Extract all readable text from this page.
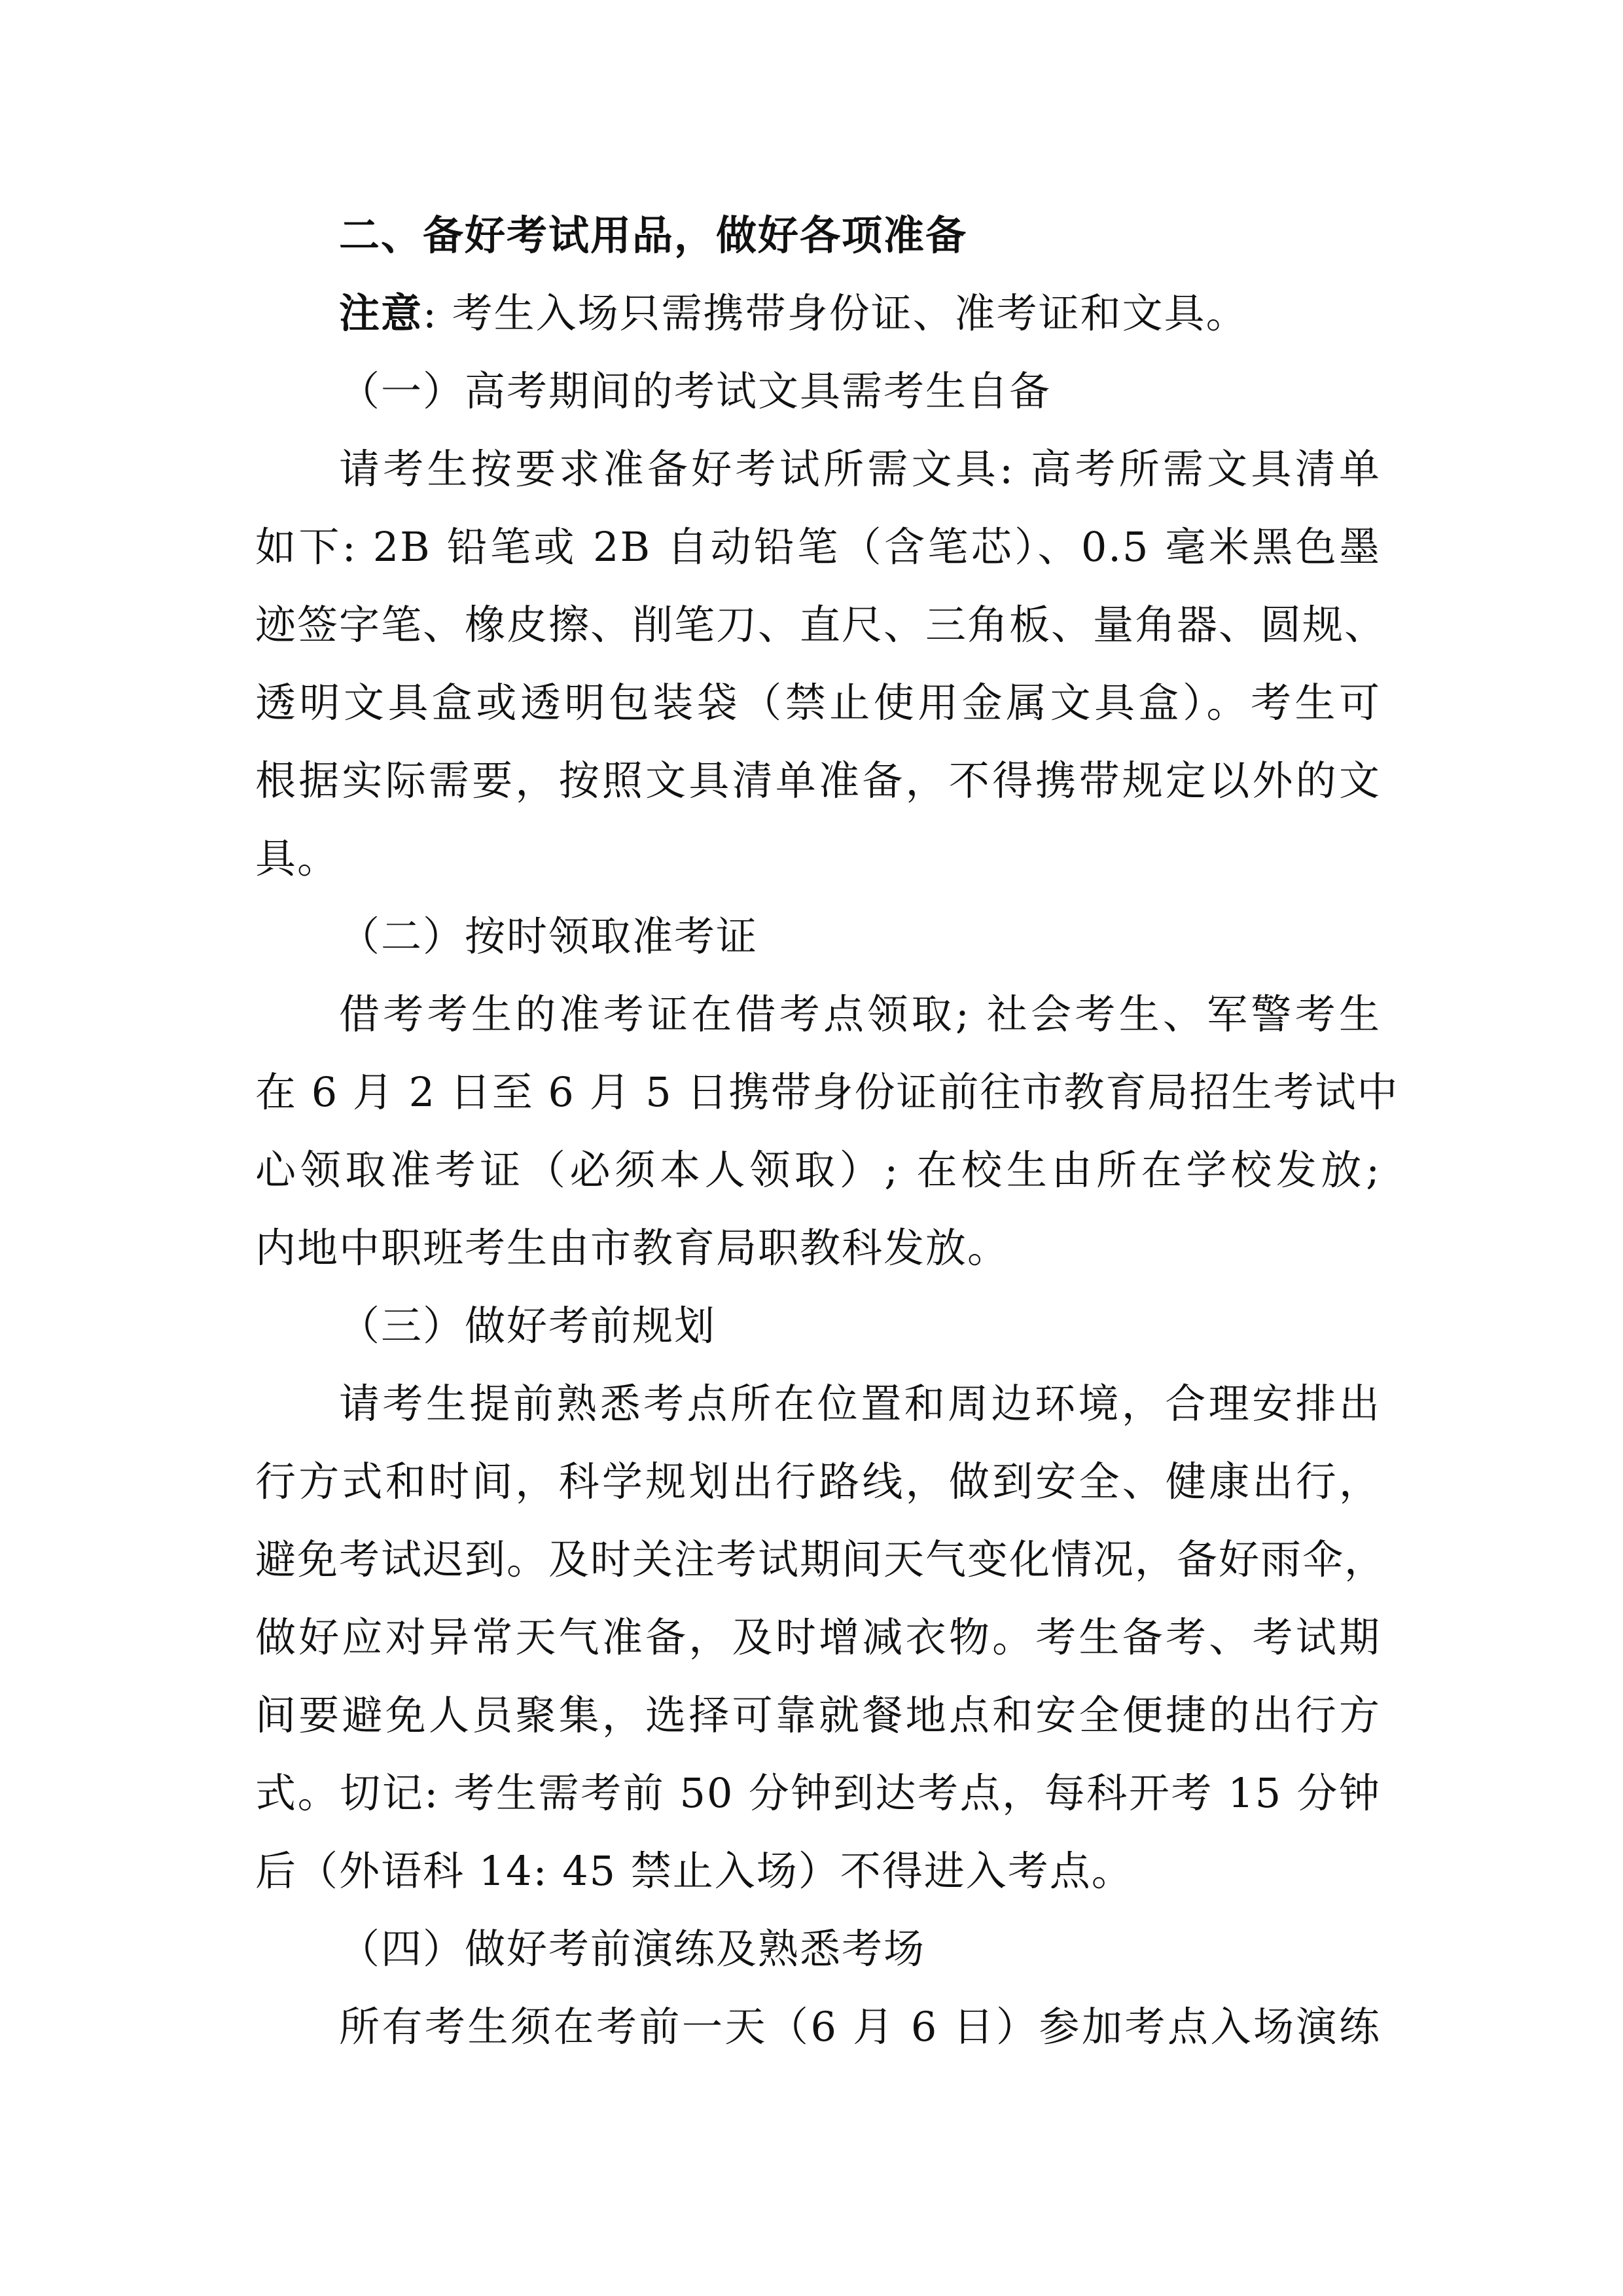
二、备好考试用品，做好各项准备
注意: 考生入场只需携带身份证、准考证和文具。
（一）高考期间的考试文具需考生自备
请考生按要求准备好考试所需文具: 高考所需文具清单
如下: 2B 铅笔或 2B 自动铅笔（含笔芯）、0.5 毫米黑色墨
迹签字笔、橡皮擦、削笔刀、直尺、三角板、量角器、圆规、
透明文具盒或透明包装袋（禁止使用金属文具盒）。考生可
根据实际需要，按照文具清单准备，不得携带规定以外的文
具。
（二）按时领取准考证
借考考生的准考证在借考点领取; 社会考生、军警考生
在 6 月 2 日至 6 月 5 日携带身份证前往市教育局招生考试中
心领取准考证（必须本人领取）; 在校生由所在学校发放;
内地中职班考生由市教育局职教科发放。
（三）做好考前规划
请考生提前熟悉考点所在位置和周边环境，合理安排出
行方式和时间，科学规划出行路线，做到安全、健康出行，
避免考试迟到。及时关注考试期间天气变化情况，备好雨伞，
做好应对异常天气准备，及时增减衣物。考生备考、考试期
间要避免人员聚集，选择可靠就餐地点和安全便捷的出行方
式。切记: 考生需考前 50 分钟到达考点，每科开考 15 分钟
后（外语科 14: 45 禁止入场）不得进入考点。
（四）做好考前演练及熟悉考场
所有考生须在考前一天（6 月 6 日）参加考点入场演练
